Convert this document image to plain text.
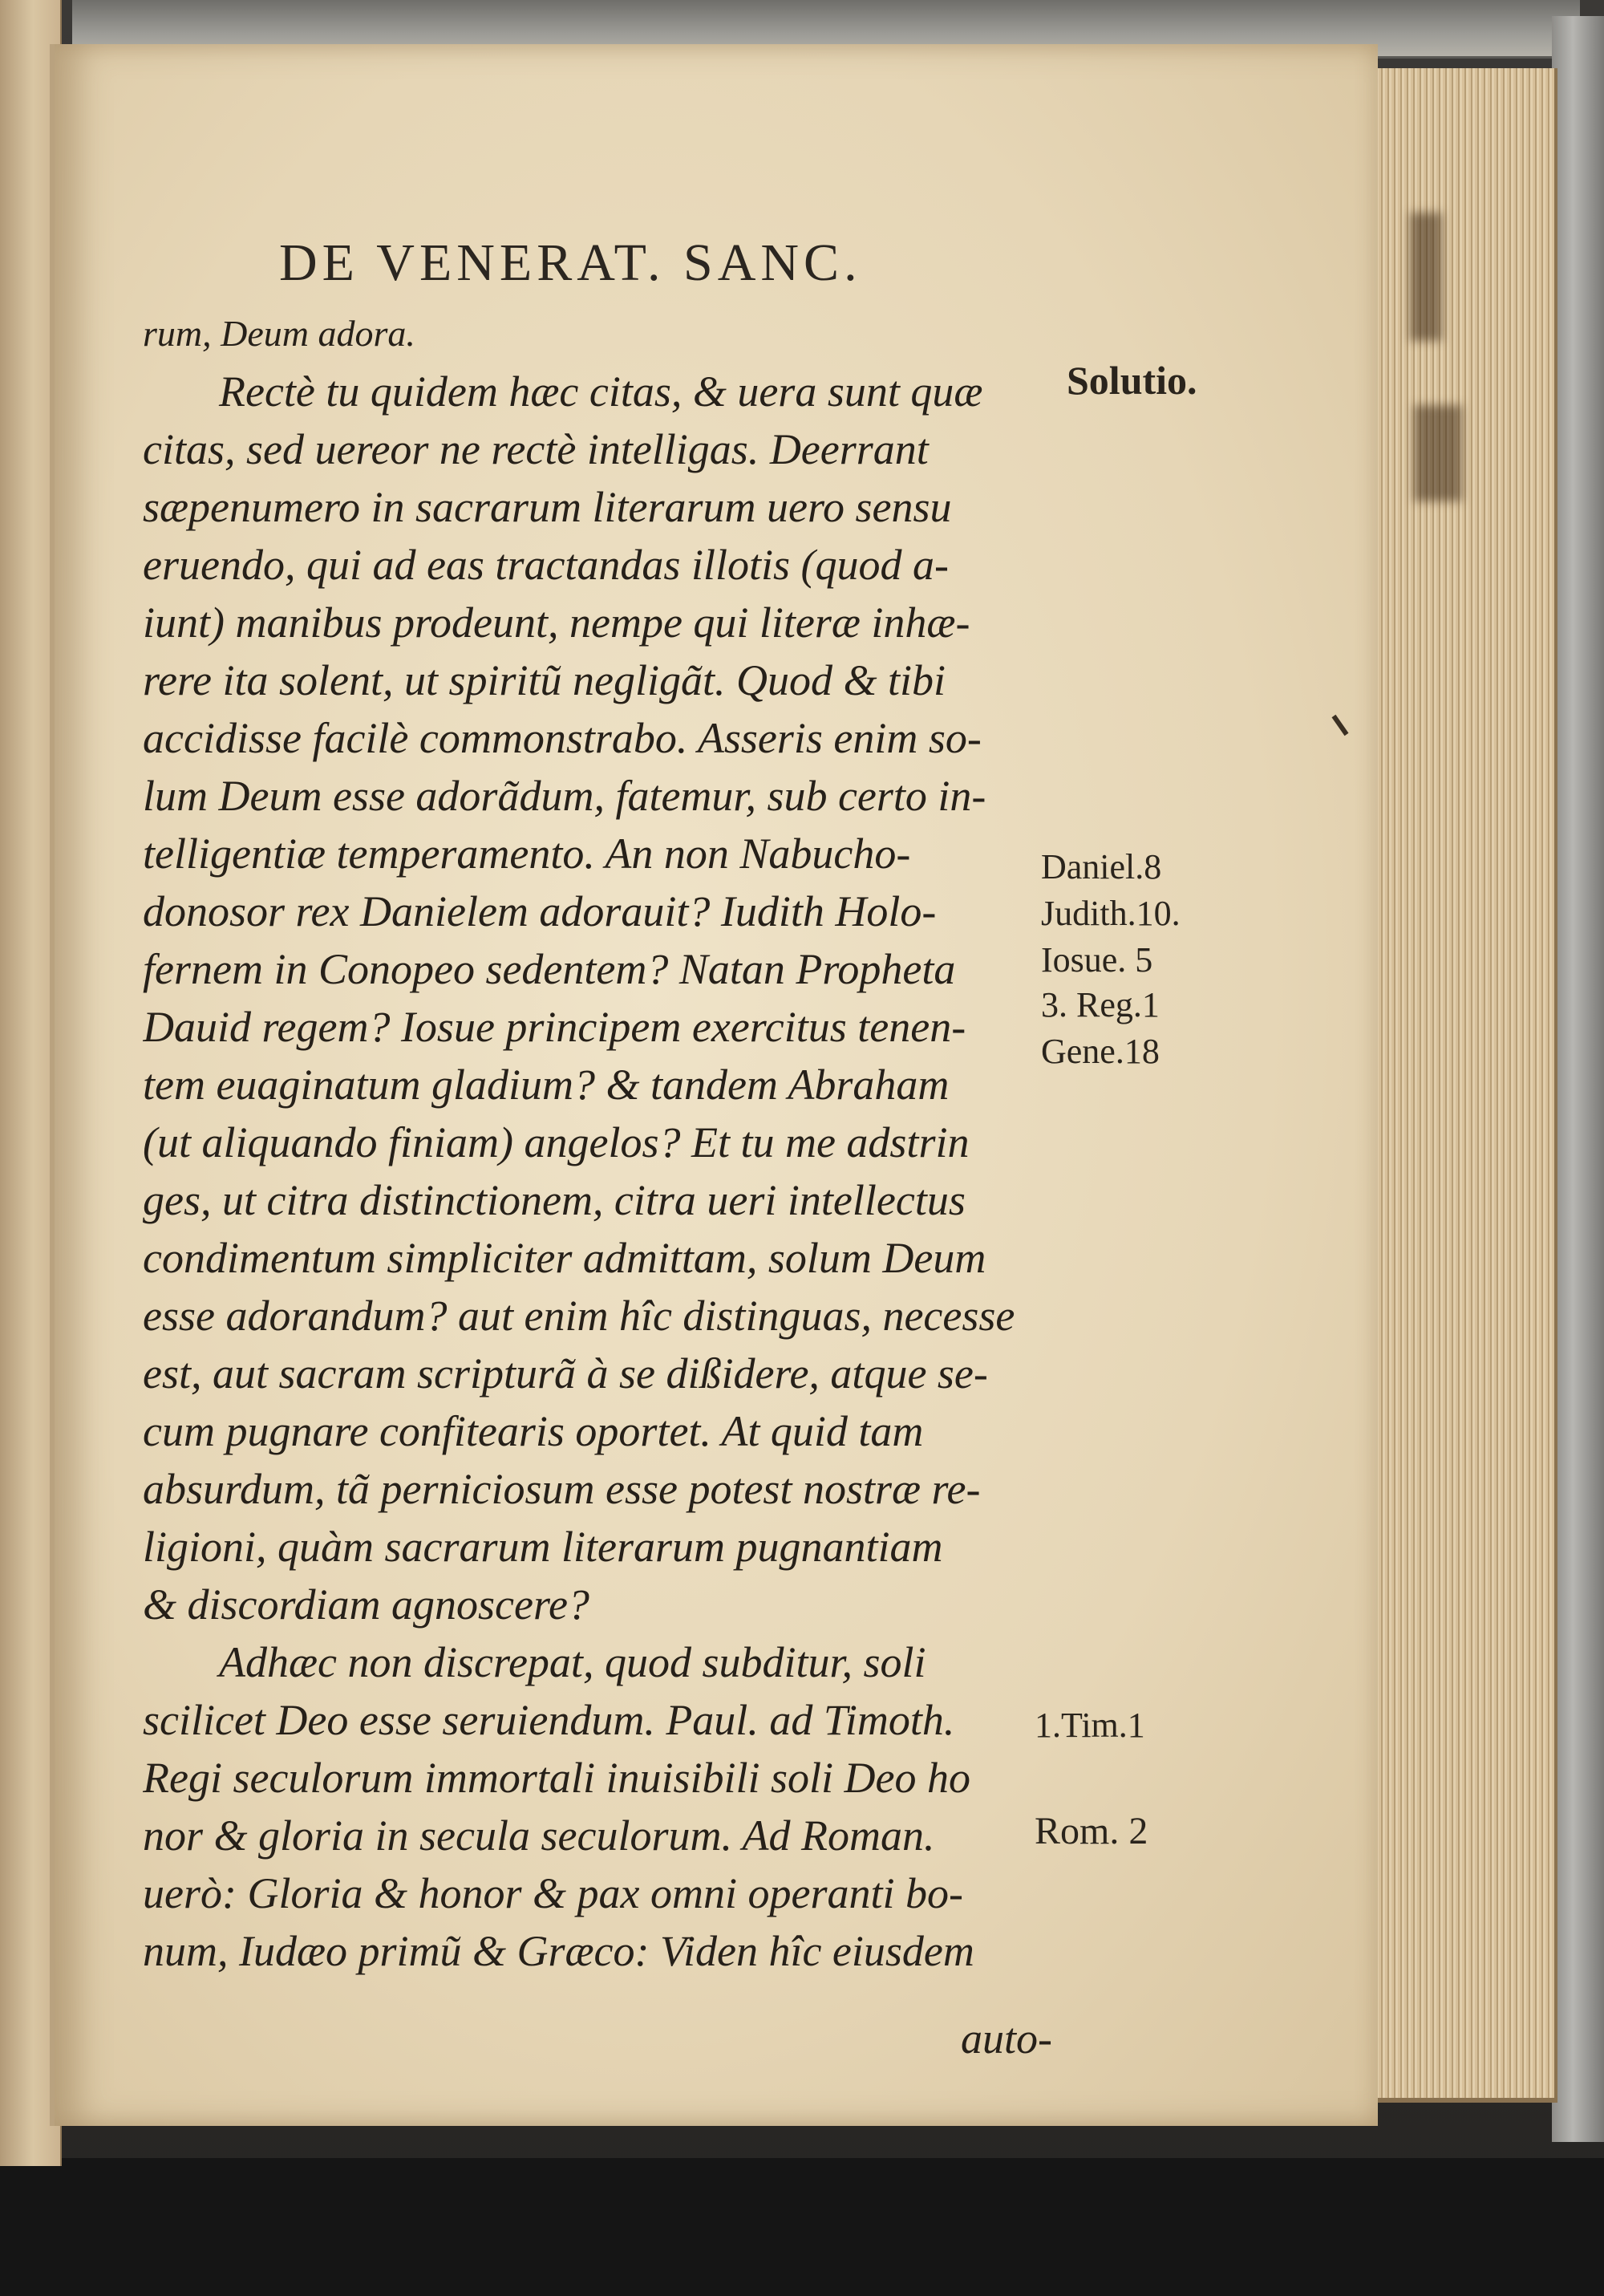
DE VENERAT. SANC.
rum, Deum adora.
Rectè tu quidem hæc citas, & uera sunt quæ
citas, sed uereor ne rectè intelligas. Deerrant
sæpenumero in sacrarum literarum uero sensu
eruendo, qui ad eas tractandas illotis (quod a-
iunt) manibus prodeunt, nempe qui literæ inhæ-
rere ita solent, ut spiritũ negligãt. Quod & tibi
accidisse facilè commonstrabo. Asseris enim so-
lum Deum esse adorãdum, fatemur, sub certo in-
telligentiæ temperamento. An non Nabucho-
donosor rex Danielem adorauit? Iudith Holo-
fernem in Conopeo sedentem? Natan Propheta
Dauid regem? Iosue principem exercitus tenen-
tem euaginatum gladium? & tandem Abraham
(ut aliquando finiam) angelos? Et tu me adstrin
ges, ut citra distinctionem, citra ueri intellectus
condimentum simpliciter admittam, solum Deum
esse adorandum? aut enim hîc distinguas, necesse
est, aut sacram scripturã à se dißidere, atque se-
cum pugnare confitearis oportet. At quid tam
absurdum, tã perniciosum esse potest nostræ re-
ligioni, quàm sacrarum literarum pugnantiam
& discordiam agnoscere?
Adhæc non discrepat, quod subditur, soli
scilicet Deo esse seruiendum. Paul. ad Timoth.
Regi seculorum immortali inuisibili soli Deo ho
nor & gloria in secula seculorum. Ad Roman.
uerò: Gloria & honor & pax omni operanti bo-
num, Iudæo primũ & Græco: Viden hîc eiusdem
auto-
Solutio.
Daniel.8
Judith.10.
Iosue. 5
3. Reg.1
Gene.18
1.Tim.1
Rom. 2
